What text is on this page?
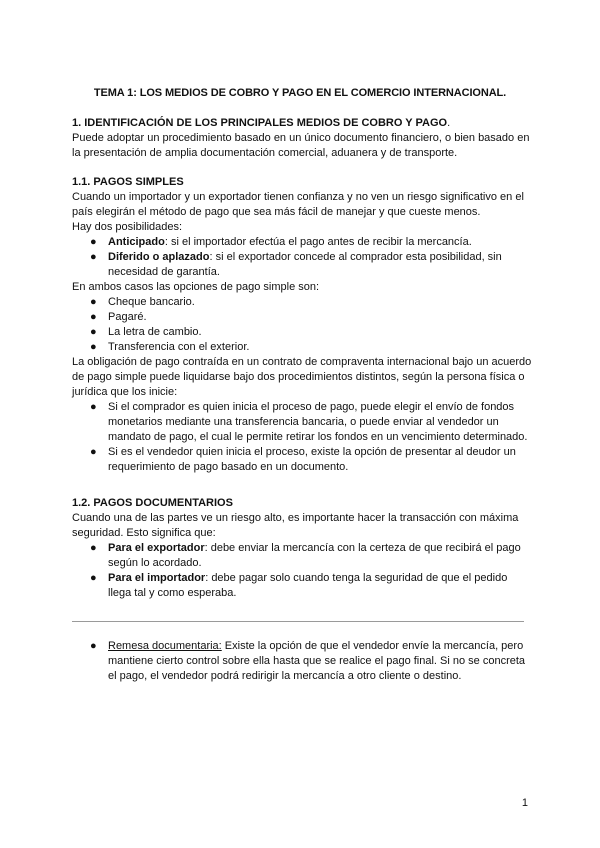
TEMA 1: LOS MEDIOS DE COBRO Y PAGO EN EL COMERCIO INTERNACIONAL.

1. IDENTIFICACIÓN DE LOS PRINCIPALES MEDIOS DE COBRO Y PAGO.

Puede adoptar un procedimiento basado en un único documento financiero, o bien basado en la presentación de amplia documentación comercial, aduanera y de transporte.

1.1. PAGOS SIMPLES

Cuando un importador y un exportador tienen confianza y no ven un riesgo significativo en el país elegirán el método de pago que sea más fácil de manejar y que cueste menos.

Hay dos posibilidades:

● Anticipado: si el importador efectúa el pago antes de recibir la mercancía.
● Diferido o aplazado: si el exportador concede al comprador esta posibilidad, sin necesidad de garantía.

En ambos casos las opciones de pago simple son:

● Cheque bancario.
● Pagaré.
● La letra de cambio.
● Transferencia con el exterior.

La obligación de pago contraída en un contrato de compraventa internacional bajo un acuerdo de pago simple puede liquidarse bajo dos procedimientos distintos, según la persona física o jurídica que los inicie:

● Si el comprador es quien inicia el proceso de pago, puede elegir el envío de fondos monetarios mediante una transferencia bancaria, o puede enviar al vendedor un mandato de pago, el cual le permite retirar los fondos en un vencimiento determinado.
● Si es el vendedor quien inicia el proceso, existe la opción de presentar al deudor un requerimiento de pago basado en un documento.

1.2. PAGOS DOCUMENTARIOS

Cuando una de las partes ve un riesgo alto, es importante hacer la transacción con máxima seguridad. Esto significa que:

● Para el exportador: debe enviar la mercancía con la certeza de que recibirá el pago según lo acordado.
● Para el importador: debe pagar solo cuando tenga la seguridad de que el pedido llega tal y como esperaba.
● Remesa documentaria: Existe la opción de que el vendedor envíe la mercancía, pero mantiene cierto control sobre ella hasta que se realice el pago final. Si no se concreta el pago, el vendedor podrá redirigir la mercancía a otro cliente o destino.
1
